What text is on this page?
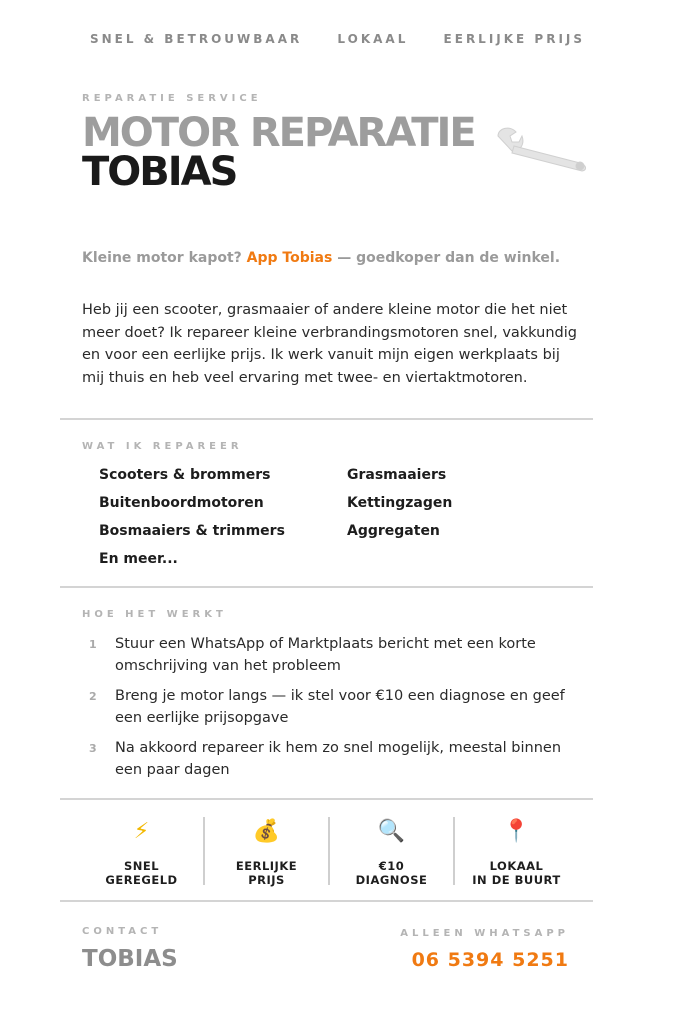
SNEL & BETROUWBAAR	LOKAAL	EERLIJKE PRIJS
REPARATIE SERVICE
MOTOR REPARATIE
TOBIAS
Kleine motor kapot? App Tobias — goedkoper dan de winkel.
Heb jij een scooter, grasmaaier of andere kleine motor die het niet meer doet? Ik repareer kleine verbrandingsmotoren snel, vakkundig en voor een eerlijke prijs. Ik werk vanuit mijn eigen werkplaats bij mij thuis en heb veel ervaring met twee- en viertaktmotoren.
WAT IK REPAREER
Scooters & brommers	Grasmaaiers
Buitenboordmotoren	Kettingzagen
Bosmaaiers & trimmers	Aggregaten
En meer...
HOE HET WERKT
1 Stuur een WhatsApp of Marktplaats bericht met een korte omschrijving van het probleem
2 Breng je motor langs — ik stel voor €10 een diagnose en geef een eerlijke prijsopgave
3 Na akkoord repareer ik hem zo snel mogelijk, meestal binnen een paar dagen
⚡
SNEL
GEREGELD
💰
EERLIJKE
PRIJS
🔍
€10
DIAGNOSE
📍
LOKAAL
IN DE BUURT
CONTACT	ALLEEN WHATSAPP
TOBIAS	06 5394 5251
